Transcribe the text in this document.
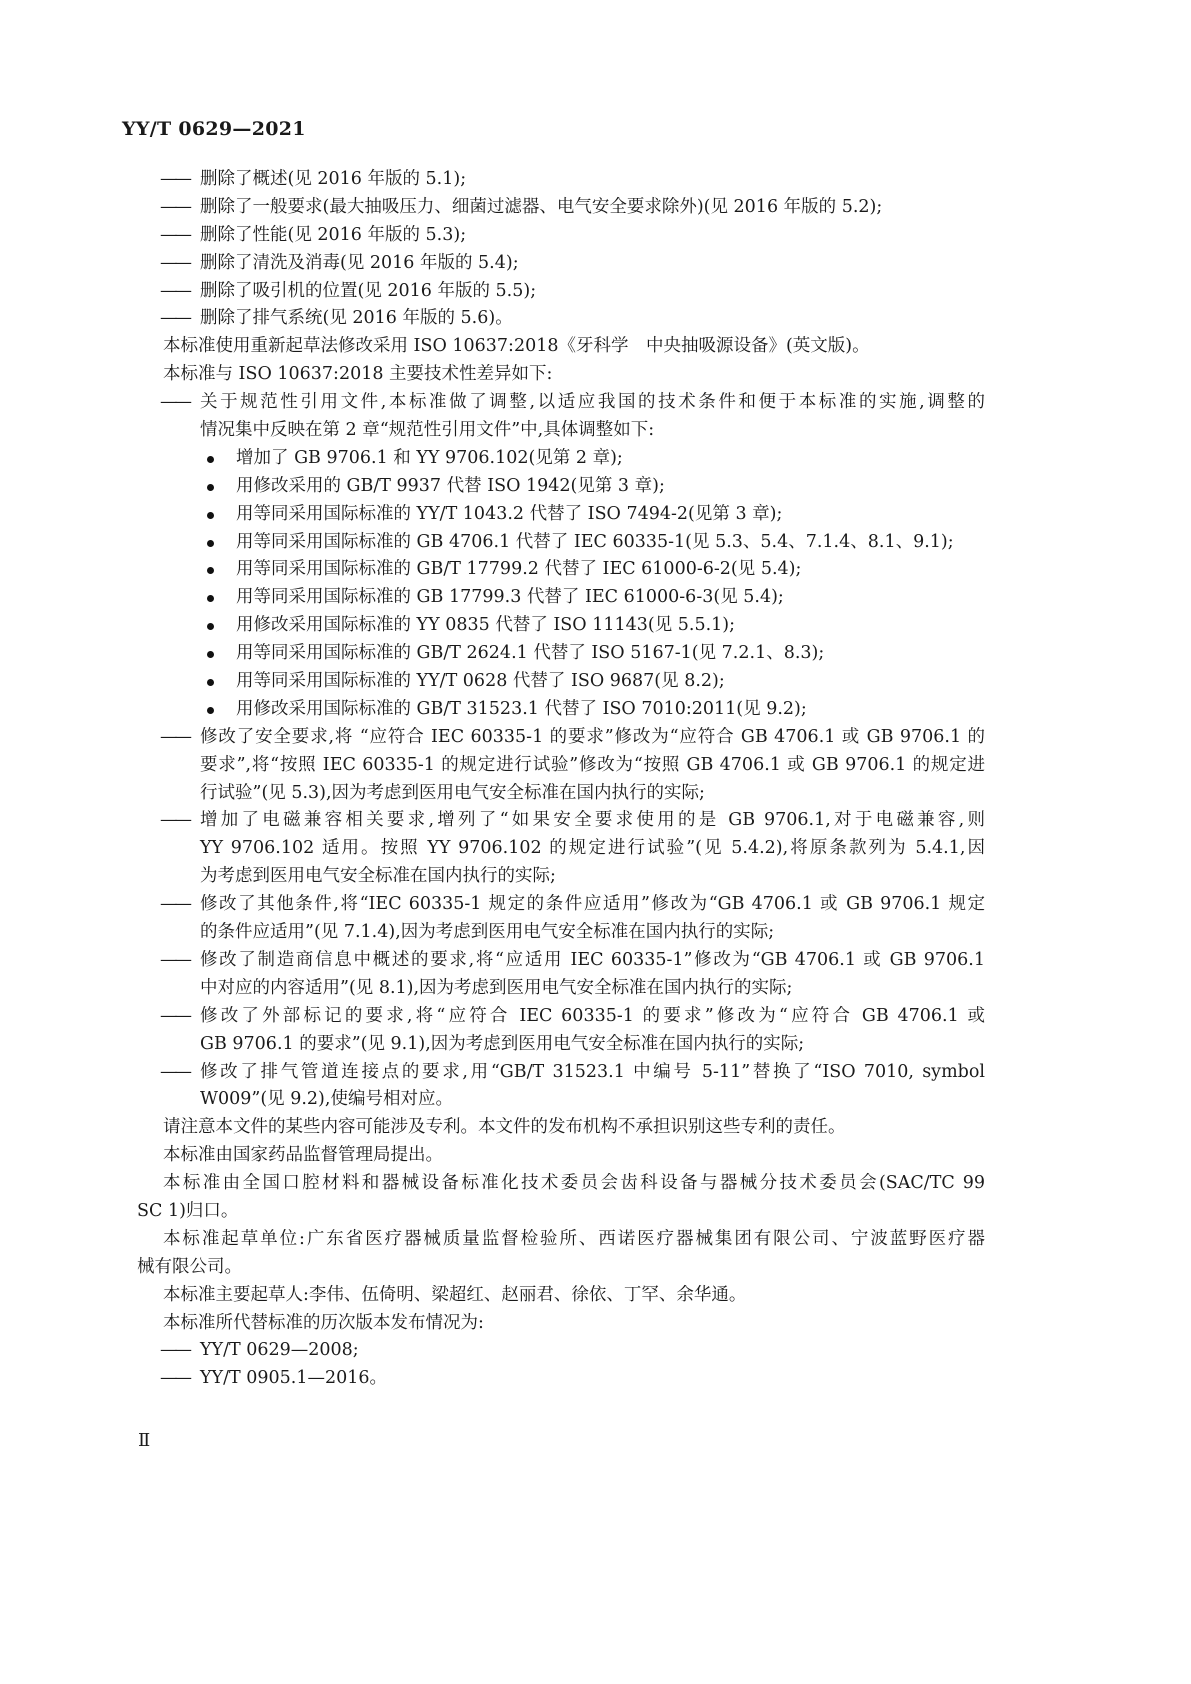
YY/T 0629—2021
—— 删除了概述(见 2016 年版的 5.1);
—— 删除了一般要求(最大抽吸压力、细菌过滤器、电气安全要求除外)(见 2016 年版的 5.2);
—— 删除了性能(见 2016 年版的 5.3);
—— 删除了清洗及消毒(见 2016 年版的 5.4);
—— 删除了吸引机的位置(见 2016 年版的 5.5);
—— 删除了排气系统(见 2016 年版的 5.6)。
本标准使用重新起草法修改采用 ISO 10637:2018《牙科学　中央抽吸源设备》(英文版)。
本标准与 ISO 10637:2018 主要技术性差异如下:
—— 关于规范性引用文件,本标准做了调整,以适应我国的技术条件和便于本标准的实施,调整的
情况集中反映在第 2 章“规范性引用文件”中,具体调整如下:
增加了 GB 9706.1 和 YY 9706.102(见第 2 章);
用修改采用的 GB/T 9937 代替 ISO 1942(见第 3 章);
用等同采用国际标准的 YY/T 1043.2 代替了 ISO 7494-2(见第 3 章);
用等同采用国际标准的 GB 4706.1 代替了 IEC 60335-1(见 5.3、5.4、7.1.4、8.1、9.1);
用等同采用国际标准的 GB/T 17799.2 代替了 IEC 61000-6-2(见 5.4);
用等同采用国际标准的 GB 17799.3 代替了 IEC 61000-6-3(见 5.4);
用修改采用国际标准的 YY 0835 代替了 ISO 11143(见 5.5.1);
用等同采用国际标准的 GB/T 2624.1 代替了 ISO 5167-1(见 7.2.1、8.3);
用等同采用国际标准的 YY/T 0628 代替了 ISO 9687(见 8.2);
用修改采用国际标准的 GB/T 31523.1 代替了 ISO 7010:2011(见 9.2);
—— 修改了安全要求,将 “应符合 IEC 60335-1 的要求”修改为“应符合 GB 4706.1 或 GB 9706.1 的
要求”,将“按照 IEC 60335-1 的规定进行试验”修改为“按照 GB 4706.1 或 GB 9706.1 的规定进
行试验”(见 5.3),因为考虑到医用电气安全标准在国内执行的实际;
—— 增加了电磁兼容相关要求,增列了“如果安全要求使用的是 GB 9706.1,对于电磁兼容,则
YY 9706.102 适用。按照 YY 9706.102 的规定进行试验”(见 5.4.2),将原条款列为 5.4.1,因
为考虑到医用电气安全标准在国内执行的实际;
—— 修改了其他条件,将“IEC 60335-1 规定的条件应适用”修改为“GB 4706.1 或 GB 9706.1 规定
的条件应适用”(见 7.1.4),因为考虑到医用电气安全标准在国内执行的实际;
—— 修改了制造商信息中概述的要求,将“应适用 IEC 60335-1”修改为“GB 4706.1 或 GB 9706.1
中对应的内容适用”(见 8.1),因为考虑到医用电气安全标准在国内执行的实际;
—— 修改了外部标记的要求,将“应符合 IEC 60335-1 的要求”修改为“应符合 GB 4706.1 或
GB 9706.1 的要求”(见 9.1),因为考虑到医用电气安全标准在国内执行的实际;
—— 修改了排气管道连接点的要求,用“GB/T 31523.1 中编号 5-11”替换了“ISO 7010, symbol
W009”(见 9.2),使编号相对应。
请注意本文件的某些内容可能涉及专利。本文件的发布机构不承担识别这些专利的责任。
本标准由国家药品监督管理局提出。
本标准由全国口腔材料和器械设备标准化技术委员会齿科设备与器械分技术委员会(SAC/TC 99
SC 1)归口。
本标准起草单位:广东省医疗器械质量监督检验所、西诺医疗器械集团有限公司、宁波蓝野医疗器
械有限公司。
本标准主要起草人:李伟、伍倚明、梁超红、赵丽君、徐依、丁罕、余华通。
本标准所代替标准的历次版本发布情况为:
—— YY/T 0629—2008;
—— YY/T 0905.1—2016。
Ⅱ
